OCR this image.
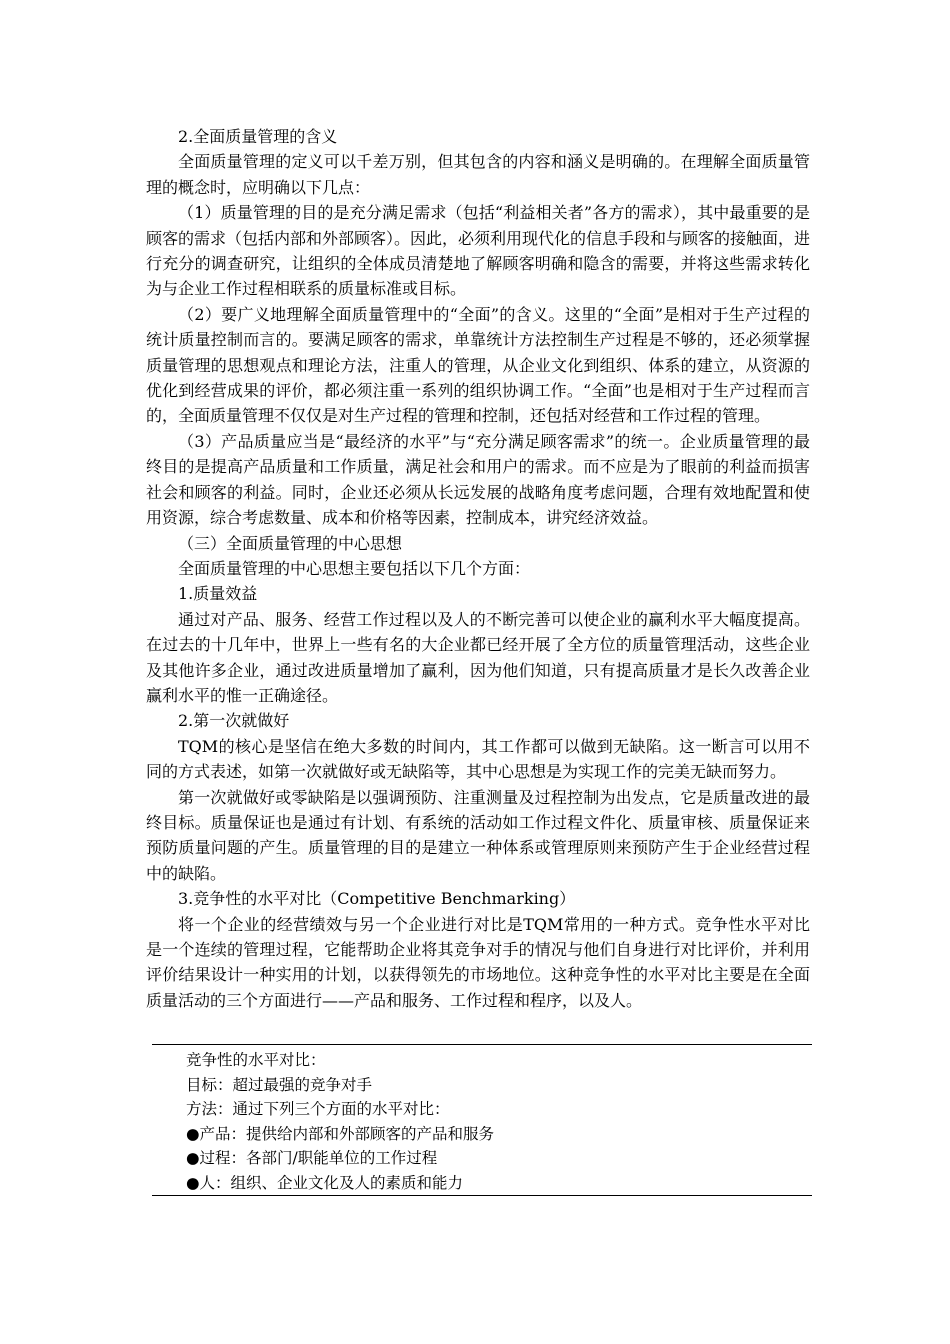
2.全面质量管理的含义

全面质量管理的定义可以千差万别，但其包含的内容和涵义是明确的。在理解全面质量管理的概念时，应明确以下几点：

（1）质量管理的目的是充分满足需求（包括“利益相关者”各方的需求），其中最重要的是顾客的需求（包括内部和外部顾客）。因此，必须利用现代化的信息手段和与顾客的接触面，进行充分的调查研究，让组织的全体成员清楚地了解顾客明确和隐含的需要，并将这些需求转化为与企业工作过程相联系的质量标准或目标。

（2）要广义地理解全面质量管理中的“全面”的含义。这里的“全面”是相对于生产过程的统计质量控制而言的。要满足顾客的需求，单靠统计方法控制生产过程是不够的，还必须掌握质量管理的思想观点和理论方法，注重人的管理，从企业文化到组织、体系的建立，从资源的优化到经营成果的评价，都必须注重一系列的组织协调工作。“全面”也是相对于生产过程而言的，全面质量管理不仅仅是对生产过程的管理和控制，还包括对经营和工作过程的管理。

（3）产品质量应当是“最经济的水平”与“充分满足顾客需求”的统一。企业质量管理的最终目的是提高产品质量和工作质量，满足社会和用户的需求。而不应是为了眼前的利益而损害社会和顾客的利益。同时，企业还必须从长远发展的战略角度考虑问题，合理有效地配置和使用资源，综合考虑数量、成本和价格等因素，控制成本，讲究经济效益。

（三）全面质量管理的中心思想

全面质量管理的中心思想主要包括以下几个方面：

1.质量效益

通过对产品、服务、经营工作过程以及人的不断完善可以使企业的赢利水平大幅度提高。在过去的十几年中，世界上一些有名的大企业都已经开展了全方位的质量管理活动，这些企业及其他许多企业，通过改进质量增加了赢利，因为他们知道，只有提高质量才是长久改善企业赢利水平的惟一正确途径。

2.第一次就做好

TQM的核心是坚信在绝大多数的时间内，其工作都可以做到无缺陷。这一断言可以用不同的方式表述，如第一次就做好或无缺陷等，其中心思想是为实现工作的完美无缺而努力。

第一次就做好或零缺陷是以强调预防、注重测量及过程控制为出发点，它是质量改进的最终目标。质量保证也是通过有计划、有系统的活动如工作过程文件化、质量审核、质量保证来预防质量问题的产生。质量管理的目的是建立一种体系或管理原则来预防产生于企业经营过程中的缺陷。

3.竞争性的水平对比（Competitive Benchmarking）

将一个企业的经营绩效与另一个企业进行对比是TQM常用的一种方式。竞争性水平对比是一个连续的管理过程，它能帮助企业将其竞争对手的情况与他们自身进行对比评价，并利用评价结果设计一种实用的计划，以获得领先的市场地位。这种竞争性的水平对比主要是在全面质量活动的三个方面进行——产品和服务、工作过程和程序，以及人。

竞争性的水平对比：
目标：超过最强的竞争对手
方法：通过下列三个方面的水平对比：
●产品：提供给内部和外部顾客的产品和服务
●过程：各部门/职能单位的工作过程
●人：组织、企业文化及人的素质和能力
